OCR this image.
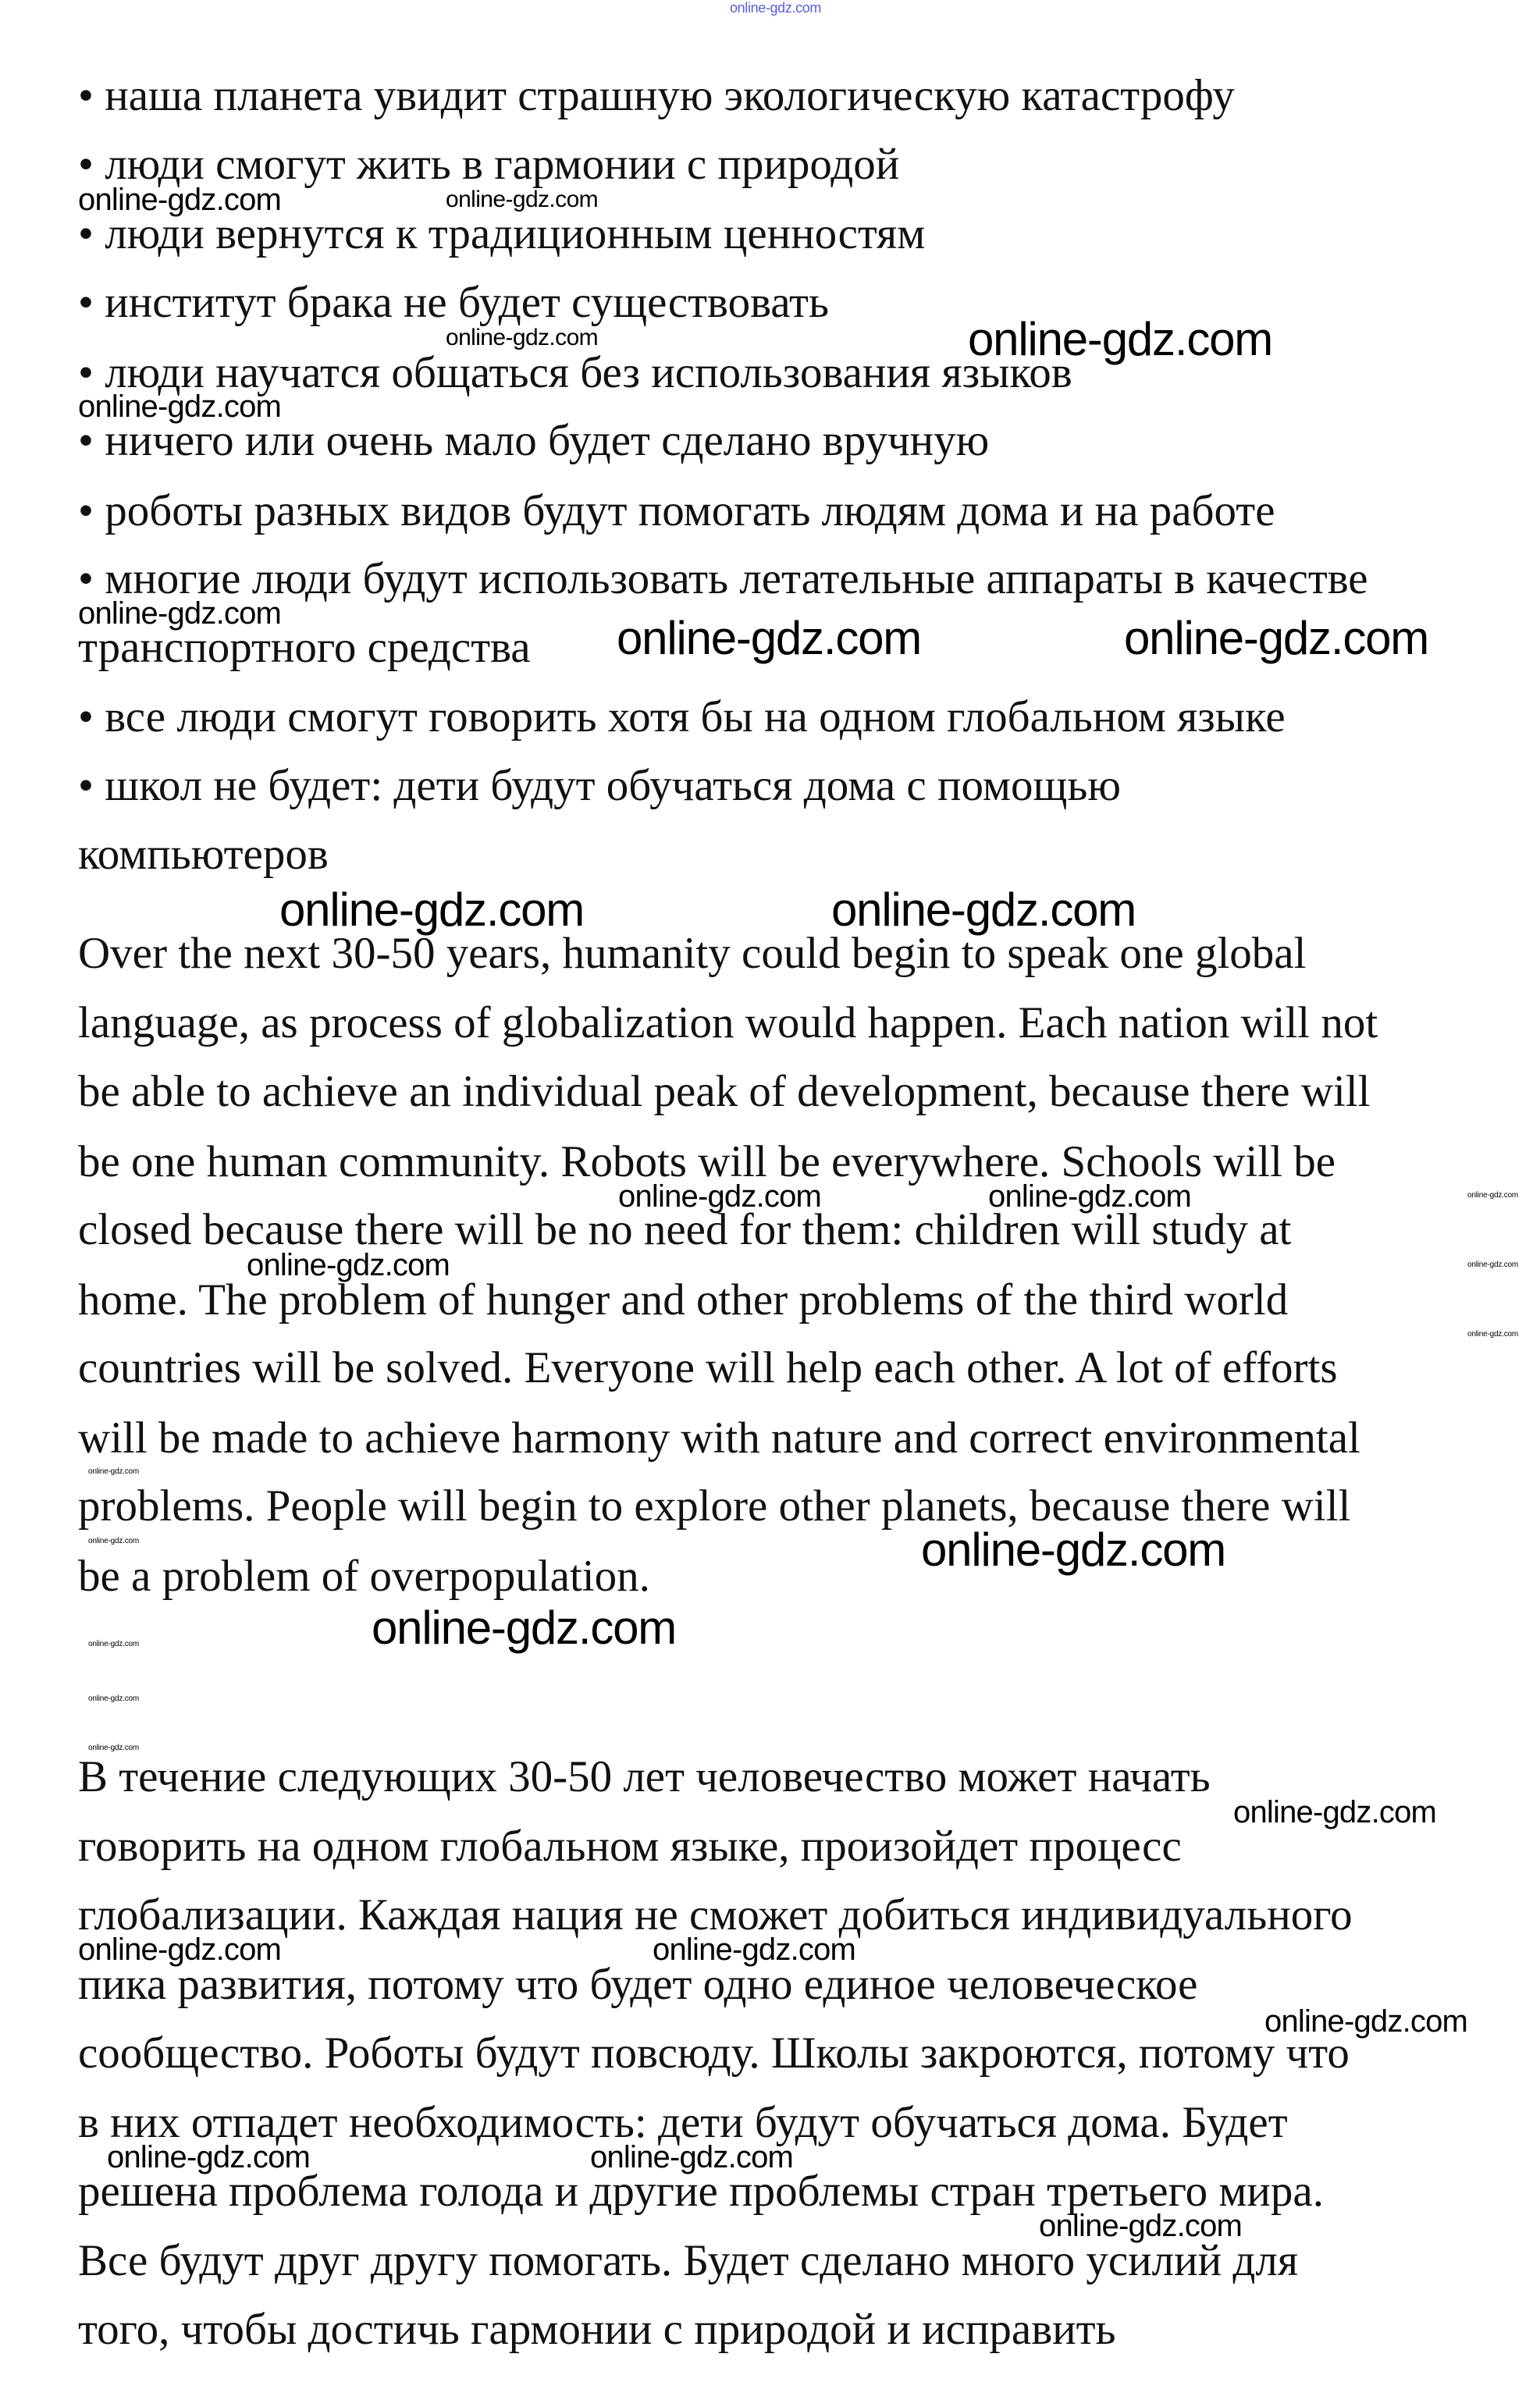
• наша планета увидит страшную экологическую катастрофу
• люди смогут жить в гармонии с природой
• люди вернутся к традиционным ценностям
• институт брака не будет существовать
• люди научатся общаться без использования языков
• ничего или очень мало будет сделано вручную
• роботы разных видов будут помогать людям дома и на работе
• многие люди будут использовать летательные аппараты в качестве
транспортного средства
• все люди смогут говорить хотя бы на одном глобальном языке
• школ не будет: дети будут обучаться дома с помощью
компьютеров
Over the next 30-50 years, humanity could begin to speak one global
language, as process of globalization would happen. Each nation will not
be able to achieve an individual peak of development, because there will
be one human community. Robots will be everywhere. Schools will be
closed because there will be no need for them: children will study at
home. The problem of hunger and other problems of the third world
countries will be solved. Everyone will help each other. A lot of efforts
will be made to achieve harmony with nature and correct environmental
problems. People will begin to explore other planets, because there will
be a problem of overpopulation.
В течение следующих 30-50 лет человечество может начать
говорить на одном глобальном языке, произойдет процесс
глобализации. Каждая нация не сможет добиться индивидуального
пика развития, потому что будет одно единое человеческое
сообщество. Роботы будут повсюду. Школы закроются, потому что
в них отпадет необходимость: дети будут обучаться дома. Будет
решена проблема голода и другие проблемы стран третьего мира.
Все будут друг другу помогать. Будет сделано много усилий для
того, чтобы достичь гармонии с природой и исправить
online-gdz.com
online-gdz.com
online-gdz.com
online-gdz.com
online-gdz.com	online-gdz.com
online-gdz.com
online-gdz.com
online-gdz.com	online-gdz.com
online-gdz.com
online-gdz.com	online-gdz.com
online-gdz.com
online-gdz.com
online-gdz.com	online-gdz.com
online-gdz.com	online-gdz.com
online-gdz.com	online-gdz.com
online-gdz.com
online-gdz.com
online-gdz.com
online-gdz.com
online-gdz.com
online-gdz.com
online-gdz.com
online-gdz.com
online-gdz.com
online-gdz.com
